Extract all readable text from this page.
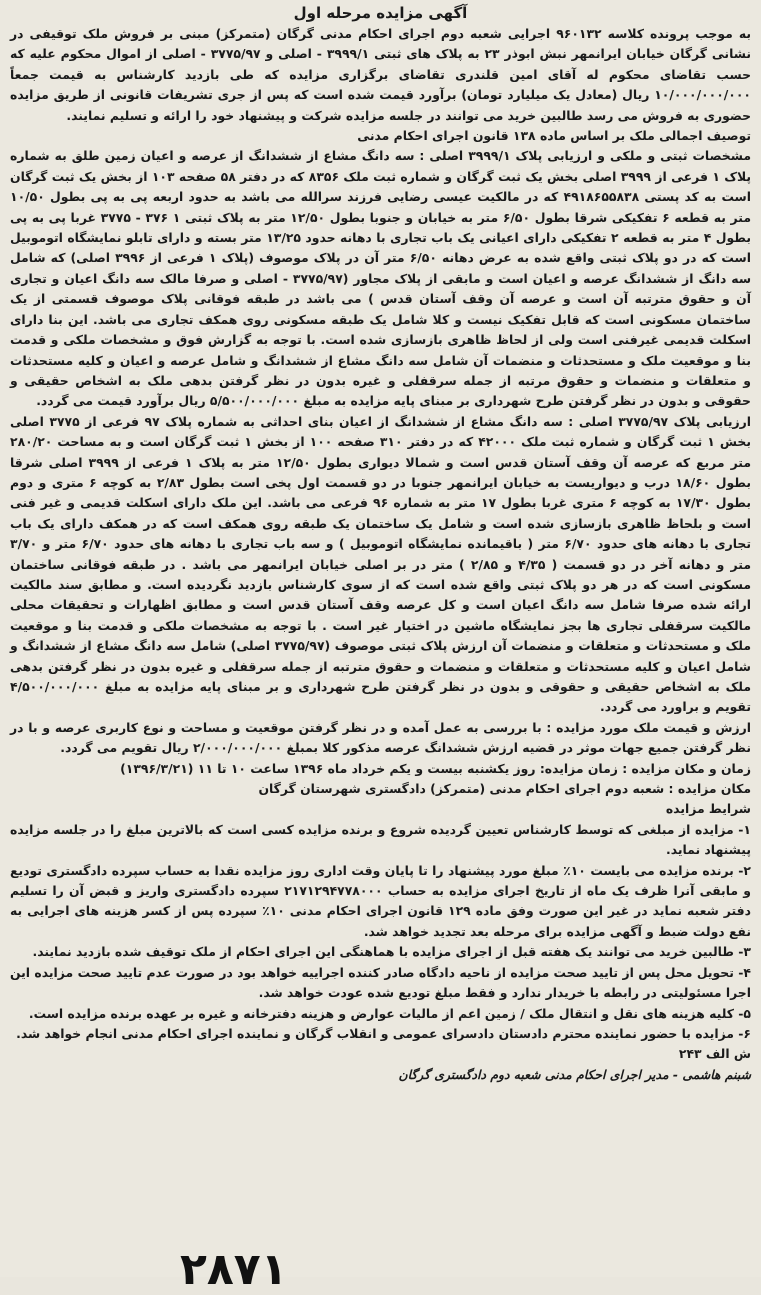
آگهی مزایده مرحله اول

به موجب پرونده کلاسه ۹۶۰۱۳۲ اجرایی شعبه دوم اجرای احکام مدنی گرگان (متمرکز) مبنی بر فروش ملک توقیفی در نشانی گرگان خیابان ایرانمهر نبش ابوذر ۲۳ به پلاک های ثبتی ۳۹۹۹/۱ - اصلی و ۳۷۷۵/۹۷ - اصلی از اموال محکوم علیه که حسب تقاضای محکوم له آقای امین قلندری تقاضای برگزاری مزایده که طی بازدید کارشناس به قیمت جمعاً ۱۰/۰۰۰/۰۰۰/۰۰۰ ریال (معادل یک میلیارد تومان) برآورد قیمت شده است که پس از جری تشریفات قانونی از طریق مزایده حضوری به فروش می رسد طالبین خرید می توانند در جلسه مزایده شرکت و پیشنهاد خود را ارائه و تسلیم نمایند.

توصیف اجمالی ملک بر اساس ماده ۱۳۸ قانون اجرای احکام مدنی

مشخصات ثبتی و ملکی و ارزیابی پلاک ۳۹۹۹/۱ اصلی : سه دانگ مشاع از ششدانگ از عرصه و اعیان زمین طلق به شماره پلاک ۱ فرعی از ۳۹۹۹ اصلی بخش یک ثبت گرگان و شماره ثبت ملک ۸۳۵۶ که در دفتر ۵۸ صفحه ۱۰۳ از بخش یک ثبت گرگان است به کد پستی ۴۹۱۸۶۵۵۸۳۸ که در مالکیت عیسی رضایی فرزند سرالله می باشد به حدود اربعه پی به پی بطول ۱۰/۵۰ متر به قطعه ۶ تفکیکی شرقا بطول ۶/۵۰ متر به خیابان و جنوبا بطول ۱۲/۵۰ متر به پلاک ثبتی ۱ ۳۷۶ - ۳۷۷۵ غربا پی به پی بطول ۴ متر به قطعه ۲ تفکیکی دارای اعیانی یک باب تجاری با دهانه حدود ۱۳/۲۵ متر بسته و دارای تابلو نمایشگاه اتوموبیل است که در دو پلاک ثبتی واقع شده به عرض دهانه ۶/۵۰ متر آن در پلاک موصوف (پلاک ۱ فرعی از ۳۹۹۶ اصلی) که شامل سه دانگ از ششدانگ عرصه و اعیان است و مابقی از پلاک مجاور (۳۷۷۵/۹۷ - اصلی و صرفا مالک سه دانگ اعیان و تجاری آن و حقوق مترتبه آن است و عرصه آن وقف آستان قدس ) می باشد در طبقه فوقانی پلاک موصوف قسمتی از یک ساختمان مسکونی است که قابل تفکیک نیست و کلا شامل یک طبقه مسکونی روی همکف تجاری می باشد. این بنا دارای اسکلت قدیمی غیرفنی است ولی از لحاظ ظاهری بازسازی شده است. با توجه به گزارش فوق و مشخصات ملکی و قدمت بنا و موقعیت ملک و مستحدثات و منضمات آن شامل سه دانگ مشاع از ششدانگ و شامل عرصه و اعیان و کلیه مستحدثات و متعلقات و منضمات و حقوق مرتبه از جمله سرقفلی و غیره بدون در نظر گرفتن بدهی ملک به اشخاص حقیقی و حقوقی و بدون در نظر گرفتن طرح شهرداری بر مبنای پایه مزایده به مبلغ ۵/۵۰۰/۰۰۰/۰۰۰ ریال برآورد قیمت می گردد.

ارزیابی پلاک ۳۷۷۵/۹۷ اصلی : سه دانگ مشاع از ششدانگ از اعیان بنای احداثی به شماره پلاک ۹۷ فرعی از ۳۷۷۵ اصلی بخش ۱ ثبت گرگان و شماره ثبت ملک ۴۲۰۰۰ که در دفتر ۳۱۰ صفحه ۱۰۰ از بخش ۱ ثبت گرگان است و به مساحت ۲۸۰/۲۰ متر مربع که عرصه آن وقف آستان قدس است و شمالا دیواری بطول ۱۲/۵۰ متر به پلاک ۱ فرعی از ۳۹۹۹ اصلی شرقا بطول ۱۸/۶۰ درب و دیواریست به خیابان ایرانمهر جنوبا در دو قسمت اول پخی است بطول ۲/۸۳ به کوچه ۶ متری و دوم بطول ۱۷/۳۰ به کوچه ۶ متری غربا بطول ۱۷ متر به شماره ۹۶ فرعی می باشد. این ملک دارای اسکلت قدیمی و غیر فنی است و بلحاظ ظاهری بازسازی شده است و شامل یک ساختمان یک طبقه روی همکف است که در همکف دارای یک باب تجاری با دهانه های حدود ۶/۷۰ متر ( باقیمانده نمایشگاه اتوموبیل ) و سه باب تجاری با دهانه های حدود ۶/۷۰ متر و ۳/۷۰ متر و دهانه آخر در دو قسمت ( ۴/۳۵ و ۲/۸۵ ) متر در بر اصلی خیابان ایرانمهر می باشد . در طبقه فوقانی ساختمان مسکونی است که در هر دو پلاک ثبتی واقع شده است که از سوی کارشناس بازدید نگردیده است. و مطابق سند مالکیت ارائه شده صرفا شامل سه دانگ اعیان است و کل عرصه وقف آستان قدس است و مطابق اظهارات و تحقیقات محلی مالکیت سرقفلی تجاری ها بجز نمایشگاه ماشین در اختیار غیر است . با توجه به مشخصات ملکی و قدمت بنا و موقعیت ملک و مستحدثات و متعلقات و منضمات آن ارزش پلاک ثبتی موصوف (۳۷۷۵/۹۷ اصلی) شامل سه دانگ مشاع از ششدانگ و شامل اعیان و کلیه مستحدثات و متعلقات و منضمات و حقوق مترتبه از جمله سرقفلی و غیره بدون در نظر گرفتن بدهی ملک به اشخاص حقیقی و حقوقی و بدون در نظر گرفتن طرح شهرداری و بر مبنای پایه مزایده به مبلغ ۴/۵۰۰/۰۰۰/۰۰۰ تقویم و براورد می گردد.

ارزش و قیمت ملک مورد مزایده : با بررسی به عمل آمده و در نظر گرفتن موقعیت و مساحت و نوع کاربری عرصه و با در نظر گرفتن جمیع جهات موثر در قضیه ارزش ششدانگ عرصه مذکور کلا بمبلغ ۲/۰۰۰/۰۰۰/۰۰۰ ریال تقویم می گردد.

زمان و مکان مزایده : زمان مزایده: روز یکشنبه بیست و یکم خرداد ماه ۱۳۹۶ ساعت ۱۰ تا ۱۱ (۱۳۹۶/۳/۲۱)

مکان مزایده : شعبه دوم اجرای احکام مدنی (متمرکز) دادگستری شهرستان گرگان

شرایط مزایده

۱- مزایده از مبلغی که توسط کارشناس تعیین گردیده شروع و برنده مزایده کسی است که بالاترین مبلغ را در جلسه مزایده پیشنهاد نماید.

۲- برنده مزایده می بایست ۱۰٪ مبلغ مورد پیشنهاد را تا پایان وقت اداری روز مزایده نقدا به حساب سپرده دادگستری تودیع و مابقی آنرا ظرف یک ماه از تاریخ اجرای مزایده به حساب ۲۱۷۱۲۹۴۷۷۸۰۰۰ سپرده دادگستری واریز و قبض آن را تسلیم دفتر شعبه نماید در غیر این صورت وفق ماده ۱۲۹ قانون اجرای احکام مدنی ۱۰٪ سپرده پس از کسر هزینه های اجرایی به نفع دولت ضبط و آگهی مزایده برای مرحله بعد تجدید خواهد شد.

۳- طالبین خرید می توانند یک هفته قبل از اجرای مزایده با هماهنگی این اجرای احکام از ملک توقیف شده بازدید نمایند.

۴- تحویل محل پس از تایید صحت مزایده از ناحیه دادگاه صادر کننده اجراییه خواهد بود در صورت عدم تایید صحت مزایده این اجرا مسئولیتی در رابطه با خریدار ندارد و فقط مبلغ تودیع شده عودت خواهد شد.

۵- کلیه هزینه های نقل و انتقال ملک / زمین اعم از مالیات عوارض و هزینه دفترخانه و غیره بر عهده برنده مزایده است.

۶- مزایده با حضور نماینده محترم دادستان دادسرای عمومی و انقلاب گرگان و نماینده اجرای احکام مدنی انجام خواهد شد.

ش الف ۲۴۳

شبنم هاشمی - مدیر اجرای احکام مدنی شعبه دوم دادگستری گرگان

۲۸۷۱
